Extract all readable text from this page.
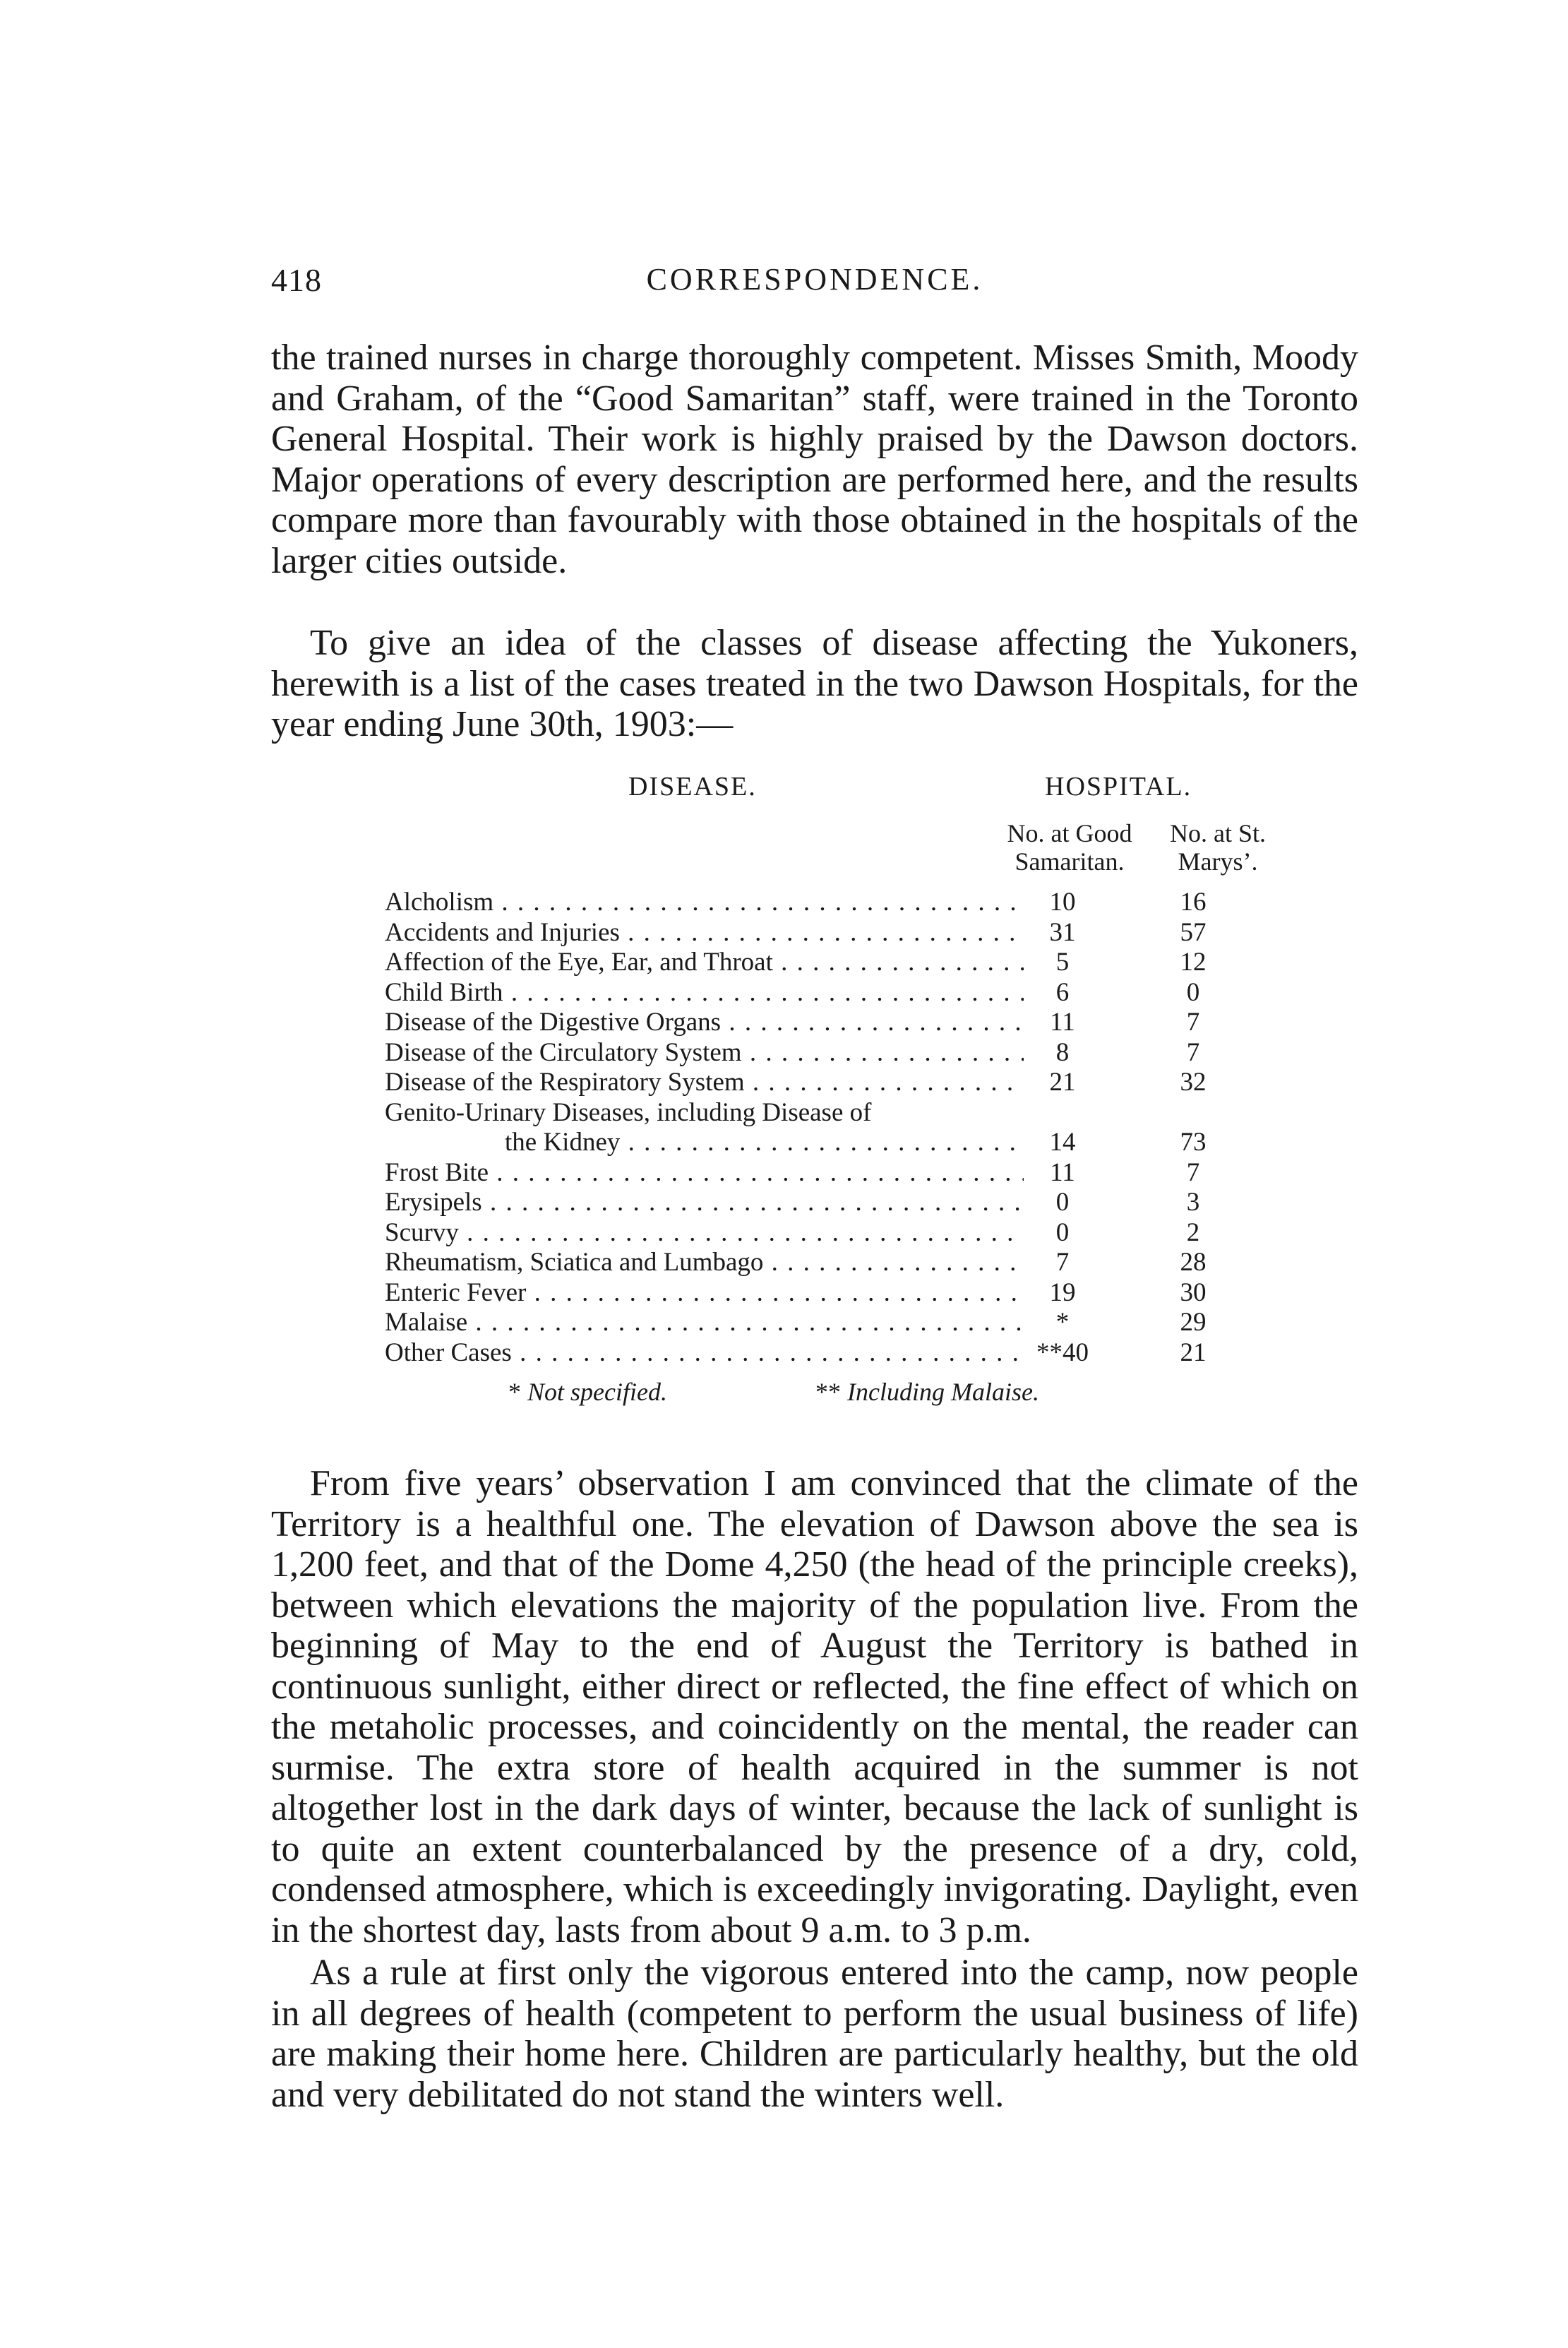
418	CORRESPONDENCE.

the trained nurses in charge thoroughly competent. Misses Smith, Moody and Graham, of the “Good Samaritan” staff, were trained in the Toronto General Hospital. Their work is highly praised by the Dawson doctors. Major operations of every description are performed here, and the results compare more than favourably with those obtained in the hospitals of the larger cities outside.

To give an idea of the classes of disease affecting the Yukoners, herewith is a list of the cases treated in the two Dawson Hospitals, for the year ending June 30th, 1903:—

DISEASE.	HOSPITAL.
No. at Good Samaritan.
No. at St. Marys’.
Alcholism . . .	10	16
Accidents and Injuries . . .	31	57
Affection of the Eye, Ear, and Throat . . .	5	12
Child Birth . . .	6	0
Disease of the Digestive Organs . . .	11	7
Disease of the Circulatory System . . .	8	7
Disease of the Respiratory System . . .	21	32
Genito-Urinary Diseases, including Disease of
the Kidney . . .	14	73
Frost Bite . . .	11	7
Erysipels . . .	0	3
Scurvy . . .	0	2
Rheumatism, Sciatica and Lumbago . . .	7	28
Enteric Fever . . .	19	30
Malaise . . .	*	29
Other Cases . . .	**40	21
* Not specified.	** Including Malaise.

From five years’ observation I am convinced that the climate of the Territory is a healthful one. The elevation of Dawson above the sea is 1,200 feet, and that of the Dome 4,250 (the head of the principle creeks), between which elevations the majority of the population live. From the beginning of May to the end of August the Territory is bathed in continuous sunlight, either direct or reflected, the fine effect of which on the metaholic processes, and coincidently on the mental, the reader can surmise. The extra store of health acquired in the summer is not altogether lost in the dark days of winter, because the lack of sunlight is to quite an extent counterbalanced by the presence of a dry, cold, condensed atmosphere, which is exceedingly invigorating. Daylight, even in the shortest day, lasts from about 9 a.m. to 3 p.m.

As a rule at first only the vigorous entered into the camp, now people in all degrees of health (competent to perform the usual business of life) are making their home here. Children are particularly healthy, but the old and very debilitated do not stand the winters well.
